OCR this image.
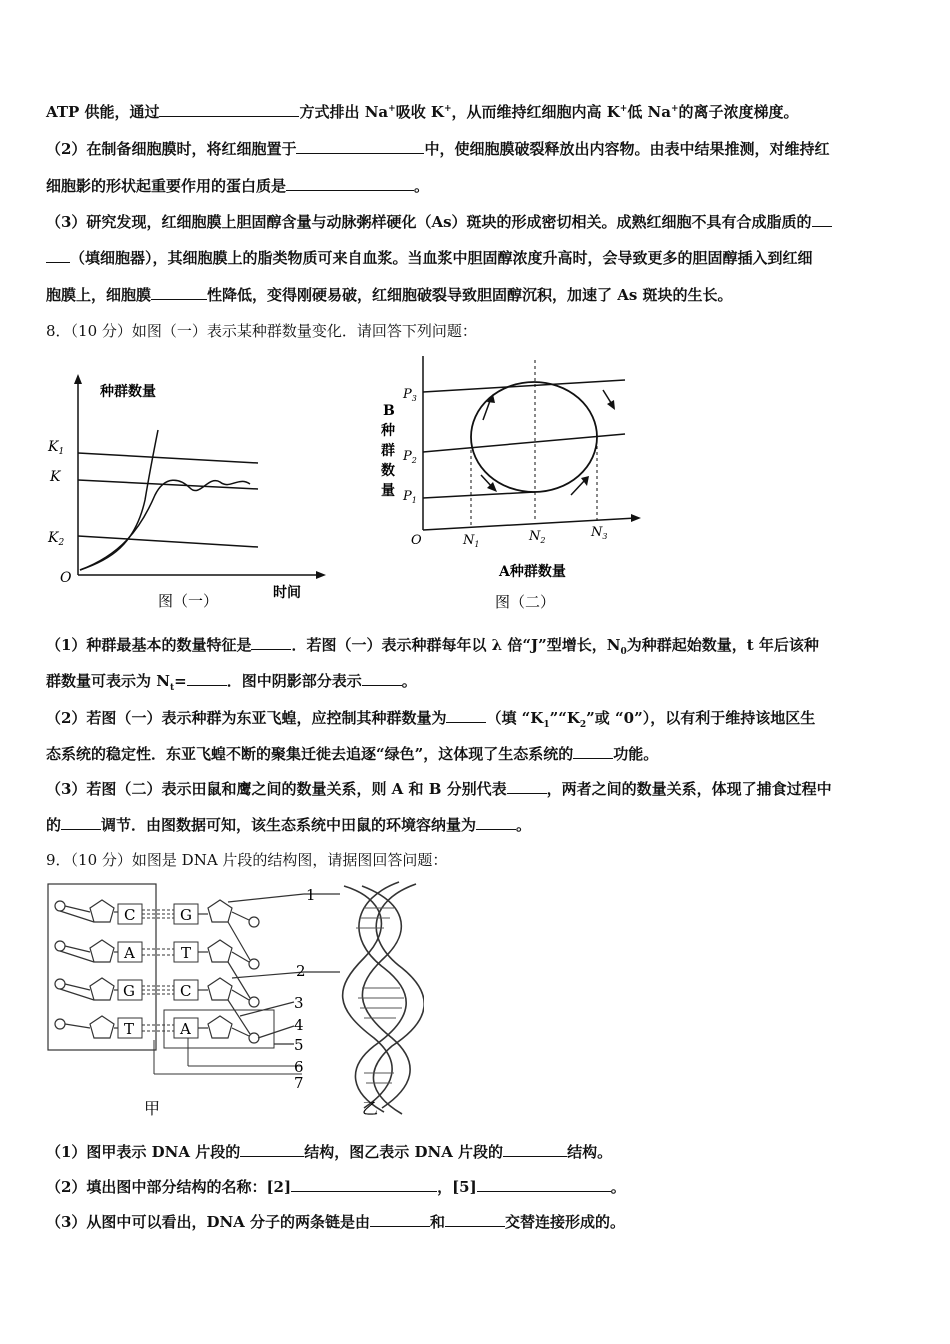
ATP 供能，通过	方式排出 Na+吸收 K+，从而维持红细胞内高 K+低 Na+的离子浓度梯度。
（2）在制备细胞膜时，将红细胞置于	中，使细胞膜破裂释放出内容物。由表中结果推测，对维持红
细胞影的形状起重要作用的蛋白质是	。
（3）研究发现，红细胞膜上胆固醇含量与动脉粥样硬化（As）斑块的形成密切相关。成熟红细胞不具有合成脂质的
（填细胞器），其细胞膜上的脂类物质可来自血浆。当血浆中胆固醇浓度升高时，会导致更多的胆固醇插入到红细
胞膜上，细胞膜	性降低，变得刚硬易破，红细胞破裂导致胆固醇沉积，加速了 As 斑块的生长。
8．（10 分）如图（一）表示某种群数量变化．请回答下列问题：
种群数量
$K_1$
K
$K_2$
O
时间
图（一）
B
种
群
数
量
$P_3$
$P_2$
$P_1$
O	$N_1$
$N_2$
$N_3$
A种群数量
图（二）
（1）种群最基本的数量特征是	．若图（一）表示种群每年以 λ 倍“J”型增长，$N_0$为种群起始数量，t 年后该种
群数量可表示为 $N_t=$	．图中阴影部分表示	。
（2）若图（一）表示种群为东亚飞蝗，应控制其种群数量为	（填 “$K_1”“K_2$”或 “0”），以有利于维持该地区生
态系统的稳定性．东亚飞蝗不断的聚集迁徙去追逐“绿色”，这体现了生态系统的	功能。
（3）若图（二）表示田鼠和鹰之间的数量关系，则 A 和 B 分别代表	，两者之间的数量关系，体现了捕食过程中
的	调节．由图数据可知，该生态系统中田鼠的环境容纳量为	。
9．（10 分）如图是 DNA 片段的结构图，请据图回答问题：
C
A
G
T
G
T
C
A
1
2
3
4
5
6
7
甲	乙
（1）图甲表示 DNA 片段的	结构，图乙表示 DNA 片段的	结构。
（2）填出图中部分结构的名称：[2]	，[5]	。
（3）从图中可以看出，DNA 分子的两条链是由	和	交替连接形成的。
